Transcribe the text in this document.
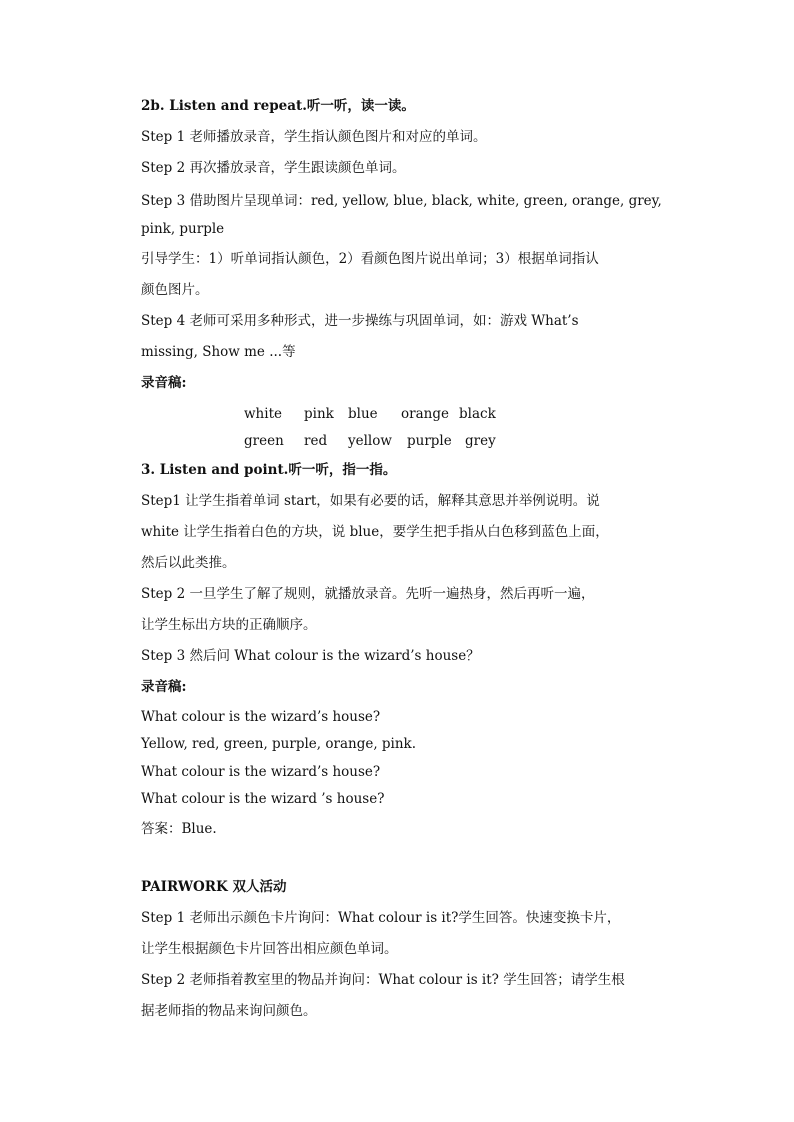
2b. Listen and repeat.听一听，读一读。
Step 1 老师播放录音，学生指认颜色图片和对应的单词。
Step 2 再次播放录音，学生跟读颜色单词。
Step 3 借助图片呈现单词：red, yellow, blue, black, white, green, orange, grey,
pink, purple
引导学生：1）听单词指认颜色，2）看颜色图片说出单词；3）根据单词指认
颜色图片。
Step 4 老师可采用多种形式，进一步操练与巩固单词，如：游戏 What’s
missing, Show me ...等
录音稿:
white pink blue orange black
green red yellow purple grey
3. Listen and point.听一听，指一指。
Step1 让学生指着单词 start，如果有必要的话，解释其意思并举例说明。说
white 让学生指着白色的方块，说 blue，要学生把手指从白色移到蓝色上面，
然后以此类推。
Step 2 一旦学生了解了规则，就播放录音。先听一遍热身，然后再听一遍，
让学生标出方块的正确顺序。
Step 3 然后问 What colour is the wizard’s house？
录音稿:
What colour is the wizard’s house?
Yellow, red, green, purple, orange, pink.
What colour is the wizard’s house?
What colour is the wizard ’s house?
答案：Blue.
PAIRWORK 双人活动
Step 1 老师出示颜色卡片询问：What colour is it?学生回答。快速变换卡片，
让学生根据颜色卡片回答出相应颜色单词。
Step 2 老师指着教室里的物品并询问：What colour is it? 学生回答；请学生根
据老师指的物品来询问颜色。
